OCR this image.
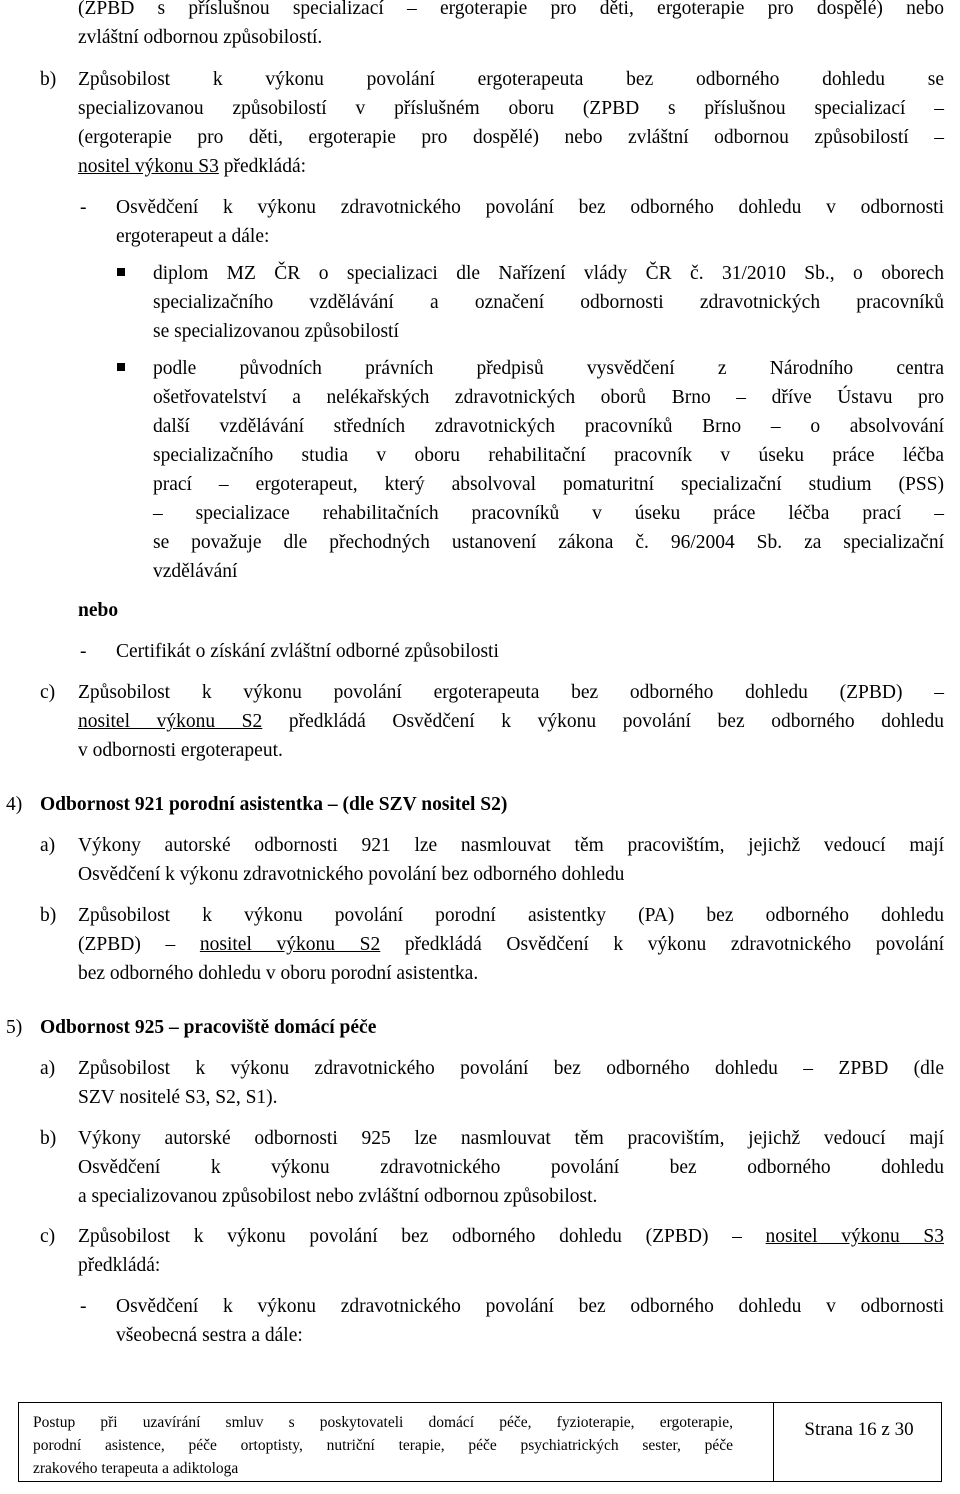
(ZPBD s příslušnou specializací – ergoterapie pro děti, ergoterapie pro dospělé) nebo
zvláštní odbornou způsobilostí.
b) Způsobilost k výkonu povolání ergoterapeuta bez odborného dohledu se
specializovanou způsobilostí v příslušném oboru (ZPBD s příslušnou specializací –
(ergoterapie pro děti, ergoterapie pro dospělé) nebo zvláštní odbornou způsobilostí –
nositel výkonu S3 předkládá:
- Osvědčení k výkonu zdravotnického povolání bez odborného dohledu v odbornosti
ergoterapeut a dále:
diplom MZ ČR o specializaci dle Nařízení vlády ČR č. 31/2010 Sb., o oborech
specializačního vzdělávání a označení odbornosti zdravotnických pracovníků
se specializovanou způsobilostí
podle původních právních předpisů vysvědčení z Národního centra
ošetřovatelství a nelékařských zdravotnických oborů Brno – dříve Ústavu pro
další vzdělávání středních zdravotnických pracovníků Brno – o absolvování
specializačního studia v oboru rehabilitační pracovník v úseku práce léčba
prací – ergoterapeut, který absolvoval pomaturitní specializační studium (PSS)
– specializace rehabilitačních pracovníků v úseku práce léčba prací –
se považuje dle přechodných ustanovení zákona č. 96/2004 Sb. za specializační
vzdělávání
nebo
- Certifikát o získání zvláštní odborné způsobilosti
c) Způsobilost k výkonu povolání ergoterapeuta bez odborného dohledu (ZPBD) –
nositel výkonu S2 předkládá Osvědčení k výkonu povolání bez odborného dohledu
v odbornosti ergoterapeut.
4) Odbornost 921 porodní asistentka – (dle SZV nositel S2)
a) Výkony autorské odbornosti 921 lze nasmlouvat těm pracovištím, jejichž vedoucí mají
Osvědčení k výkonu zdravotnického povolání bez odborného dohledu
b) Způsobilost k výkonu povolání porodní asistentky (PA) bez odborného dohledu
(ZPBD) – nositel výkonu S2 předkládá Osvědčení k výkonu zdravotnického povolání
bez odborného dohledu v oboru porodní asistentka.
5) Odbornost 925 – pracoviště domácí péče
a) Způsobilost k výkonu zdravotnického povolání bez odborného dohledu – ZPBD (dle
SZV nositelé S3, S2, S1).
b) Výkony autorské odbornosti 925 lze nasmlouvat těm pracovištím, jejichž vedoucí mají
Osvědčení k výkonu zdravotnického povolání bez odborného dohledu
a specializovanou způsobilost nebo zvláštní odbornou způsobilost.
c) Způsobilost k výkonu povolání bez odborného dohledu (ZPBD) – nositel výkonu S3
předkládá:
- Osvědčení k výkonu zdravotnického povolání bez odborného dohledu v odbornosti
všeobecná sestra a dále:
Postup při uzavírání smluv s poskytovateli domácí péče, fyzioterapie, ergoterapie,
porodní asistence, péče ortoptisty, nutriční terapie, péče psychiatrických sester, péče
zrakového terapeuta a adiktologa
Strana 16 z 30
